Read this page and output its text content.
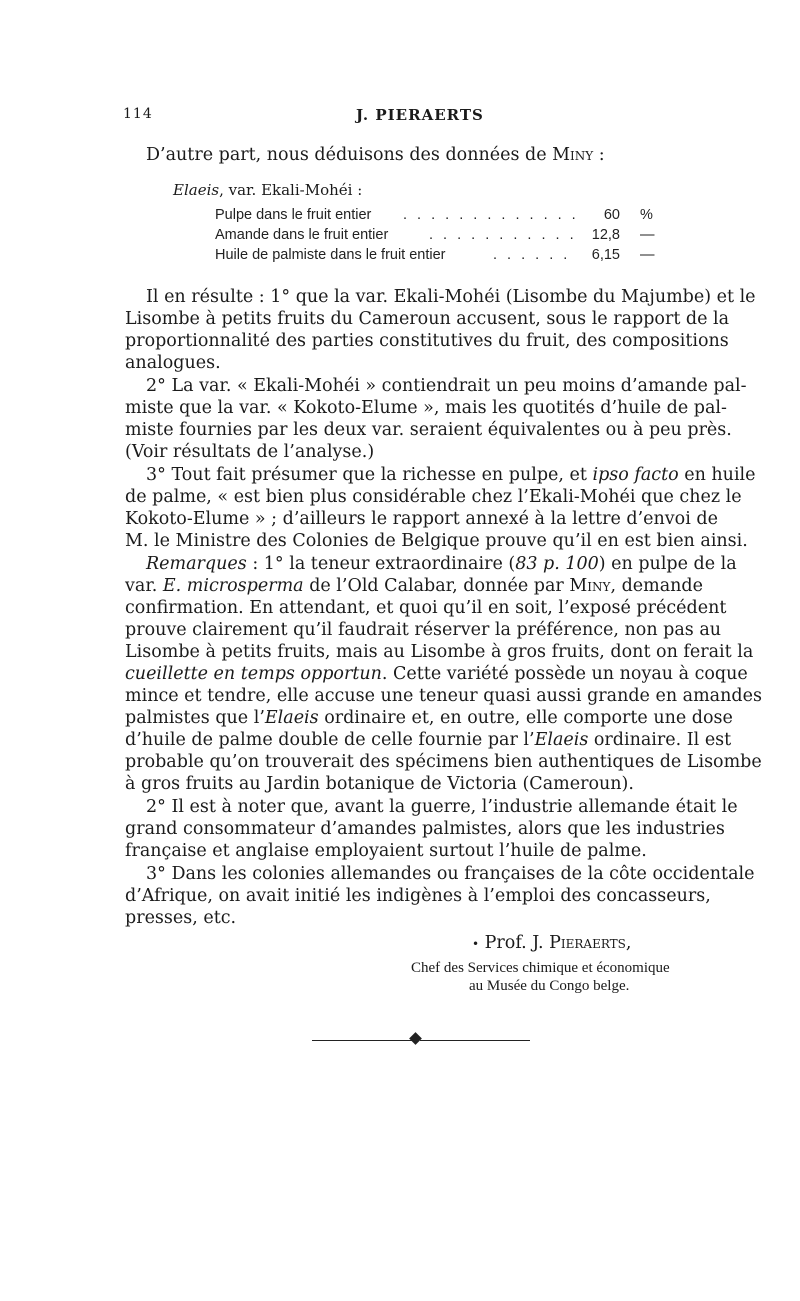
114	J. PIERAERTS
D’autre part, nous déduisons des données de Miny :
Elaeis, var. Ekali-Mohéi :
Pulpe dans le fruit entier . . . . . . . . . . . . .	60 %
Amande dans le fruit entier	. . . . . . . . . . .	12,8 —
Huile de palmiste dans le fruit entier	. . . . . .	6,15 —
Il en résulte : 1° que la var. Ekali-Mohéi (Lisombe du Majumbe) et le
Lisombe à petits fruits du Cameroun accusent, sous le rapport de la
proportionnalité des parties constitutives du fruit, des compositions
analogues.
2° La var. « Ekali-Mohéi » contiendrait un peu moins d’amande pal-
miste que la var. « Kokoto-Elume », mais les quotités d’huile de pal-
miste fournies par les deux var. seraient équivalentes ou à peu près.
(Voir résultats de l’analyse.)
3° Tout fait présumer que la richesse en pulpe, et ipso facto en huile
de palme, « est bien plus considérable chez l’Ekali-Mohéi que chez le
Kokoto-Elume » ; d’ailleurs le rapport annexé à la lettre d’envoi de
M. le Ministre des Colonies de Belgique prouve qu’il en est bien ainsi.
Remarques : 1° la teneur extraordinaire (83 p. 100) en pulpe de la
var. E. microsperma de l’Old Calabar, donnée par Miny, demande
confirmation. En attendant, et quoi qu’il en soit, l’exposé précédent
prouve clairement qu’il faudrait réserver la préférence, non pas au
Lisombe à petits fruits, mais au Lisombe à gros fruits, dont on ferait la
cueillette en temps opportun. Cette variété possède un noyau à coque
mince et tendre, elle accuse une teneur quasi aussi grande en amandes
palmistes que l’Elaeis ordinaire et, en outre, elle comporte une dose
d’huile de palme double de celle fournie par l’Elaeis ordinaire. Il est
probable qu’on trouverait des spécimens bien authentiques de Lisombe
à gros fruits au Jardin botanique de Victoria (Cameroun).
2° Il est à noter que, avant la guerre, l’industrie allemande était le
grand consommateur d’amandes palmistes, alors que les industries
française et anglaise employaient surtout l’huile de palme.
3° Dans les colonies allemandes ou françaises de la côte occidentale
d’Afrique, on avait initié les indigènes à l’emploi des concasseurs,
presses, etc.
• Prof. J. Pieraerts,
Chef des Services chimique et économique
au Musée du Congo belge.
